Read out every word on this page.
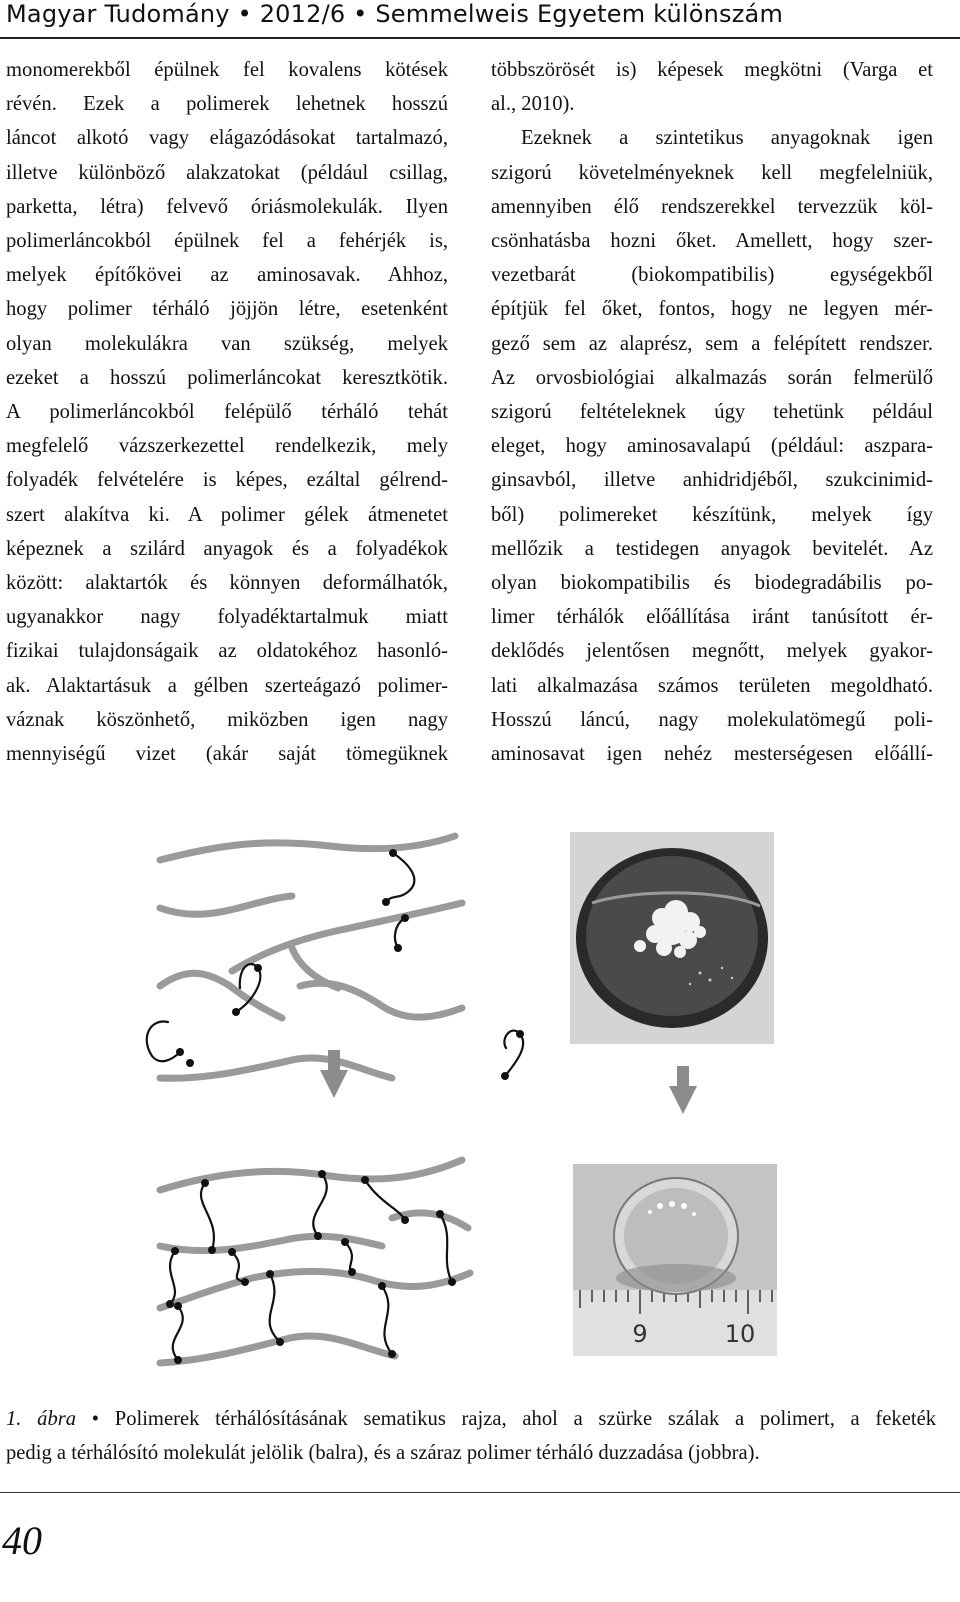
Magyar Tudomány • 2012/6 • Semmelweis Egyetem különszám
monomerekből épülnek fel kovalens kötések
révén. Ezek a polimerek lehetnek hosszú
láncot alkotó vagy elágazódásokat tartalmazó,
illetve különböző alakzatokat (például csillag,
parketta, létra) felvevő óriásmolekulák. Ilyen
polimerláncokból épülnek fel a fehérjék is,
melyek építőkövei az aminosavak. Ahhoz,
hogy polimer térháló jöjjön létre, esetenként
olyan molekulákra van szükség, melyek
ezeket a hosszú polimerláncokat keresztkötik.
A polimerláncokból felépülő térháló tehát
megfelelő vázszerkezettel rendelkezik, mely
folyadék felvételére is képes, ezáltal gélrend-
szert alakítva ki. A polimer gélek átmenetet
képeznek a szilárd anyagok és a folyadékok
között: alaktartók és könnyen deformálhatók,
ugyanakkor nagy folyadéktartalmuk miatt
fizikai tulajdonságaik az oldatokéhoz hasonló-
ak. Alaktartásuk a gélben szerteágazó polimer-
váznak köszönhető, miközben igen nagy
mennyiségű vizet (akár saját tömegüknek

többszörösét is) képesek megkötni (Varga et
al., 2010).

Ezeknek a szintetikus anyagoknak igen
szigorú követelményeknek kell megfelelniük,
amennyiben élő rendszerekkel tervezzük köl-
csönhatásba hozni őket. Amellett, hogy szer-
vezetbarát (biokompatibilis) egységekből
építjük fel őket, fontos, hogy ne legyen mér-
gező sem az alaprész, sem a felépített rendszer.
Az orvosbiológiai alkalmazás során felmerülő
szigorú feltételeknek úgy tehetünk például
eleget, hogy aminosavalapú (például: aszpara-
ginsavból, illetve anhidridjéből, szukcinimid-
ből) polimereket készítünk, melyek így
mellőzik a testidegen anyagok bevitelét. Az
olyan biokompatibilis és biodegradábilis po-
limer térhálók előállítása iránt tanúsított ér-
deklődés jelentősen megnőtt, melyek gyakor-
lati alkalmazása számos területen megoldható.
Hosszú láncú, nagy molekulatömegű poli-
aminosavat igen nehéz mesterségesen előállí-

9	10
1. ábra • Polimerek térhálósításának sematikus rajza, ahol a szürke szálak a polimert, a feketék
pedig a térhálósító molekulát jelölik (balra), és a száraz polimer térháló duzzadása (jobbra).
40
